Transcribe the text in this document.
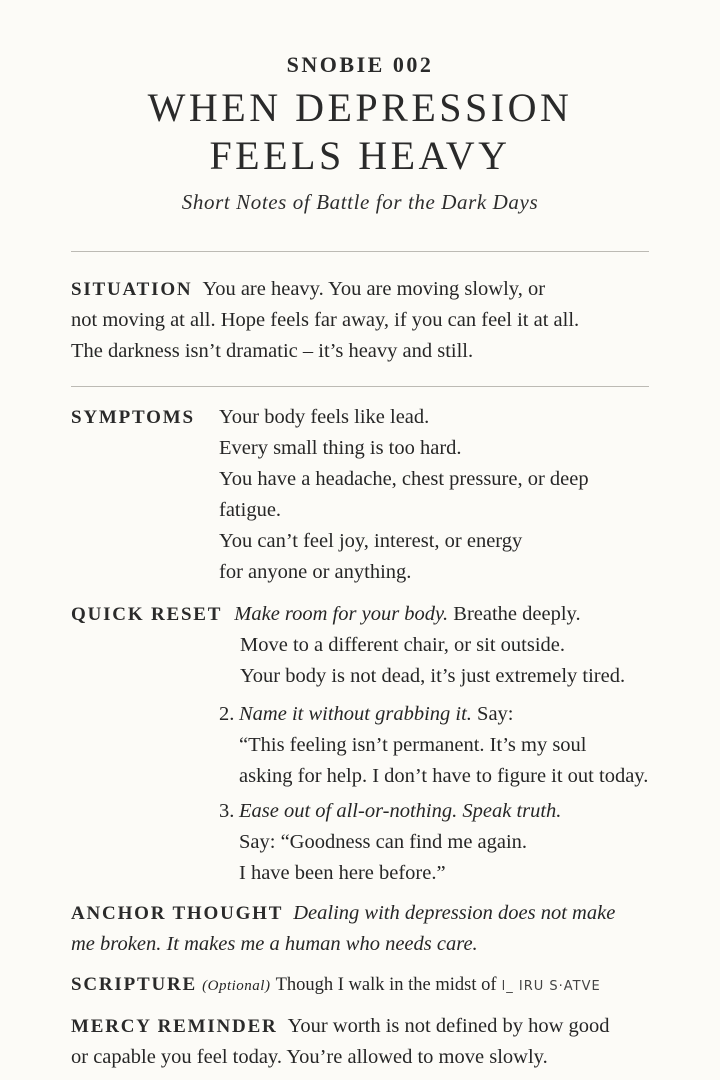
SNOBIE 002
WHEN DEPRESSION
FEELS HEAVY
Short Notes of Battle for the Dark Days
SITUATION You are heavy. You are moving slowly, or
not moving at all. Hope feels far away, if you can feel it at all.
The darkness isn’t dramatic – it’s heavy and still.
SYMPTOMS Your body feels like lead.
Every small thing is too hard.
You have a headache, chest pressure, or deep
fatigue.
You can’t feel joy, interest, or energy
for anyone or anything.
QUICK RESET Make room for your body. Breathe deeply.
Move to a different chair, or sit outside.
Your body is not dead, it’s just extremely tired.
2. Name it without grabbing it. Say:
“This feeling isn’t permanent. It’s my soul
asking for help. I don’t have to figure it out today.
3. Ease out of all-or-nothing. Speak truth.
Say: “Goodness can find me again.
I have been here before.”
ANCHOR THOUGHT Dealing with depression does not make
me broken. It makes me a human who needs care.
SCRIPTURE (Optional) Though I walk in the midst of l_ IRU S·ATVE
MERCY REMINDER Your worth is not defined by how good
or capable you feel today. You’re allowed to move slowly.
